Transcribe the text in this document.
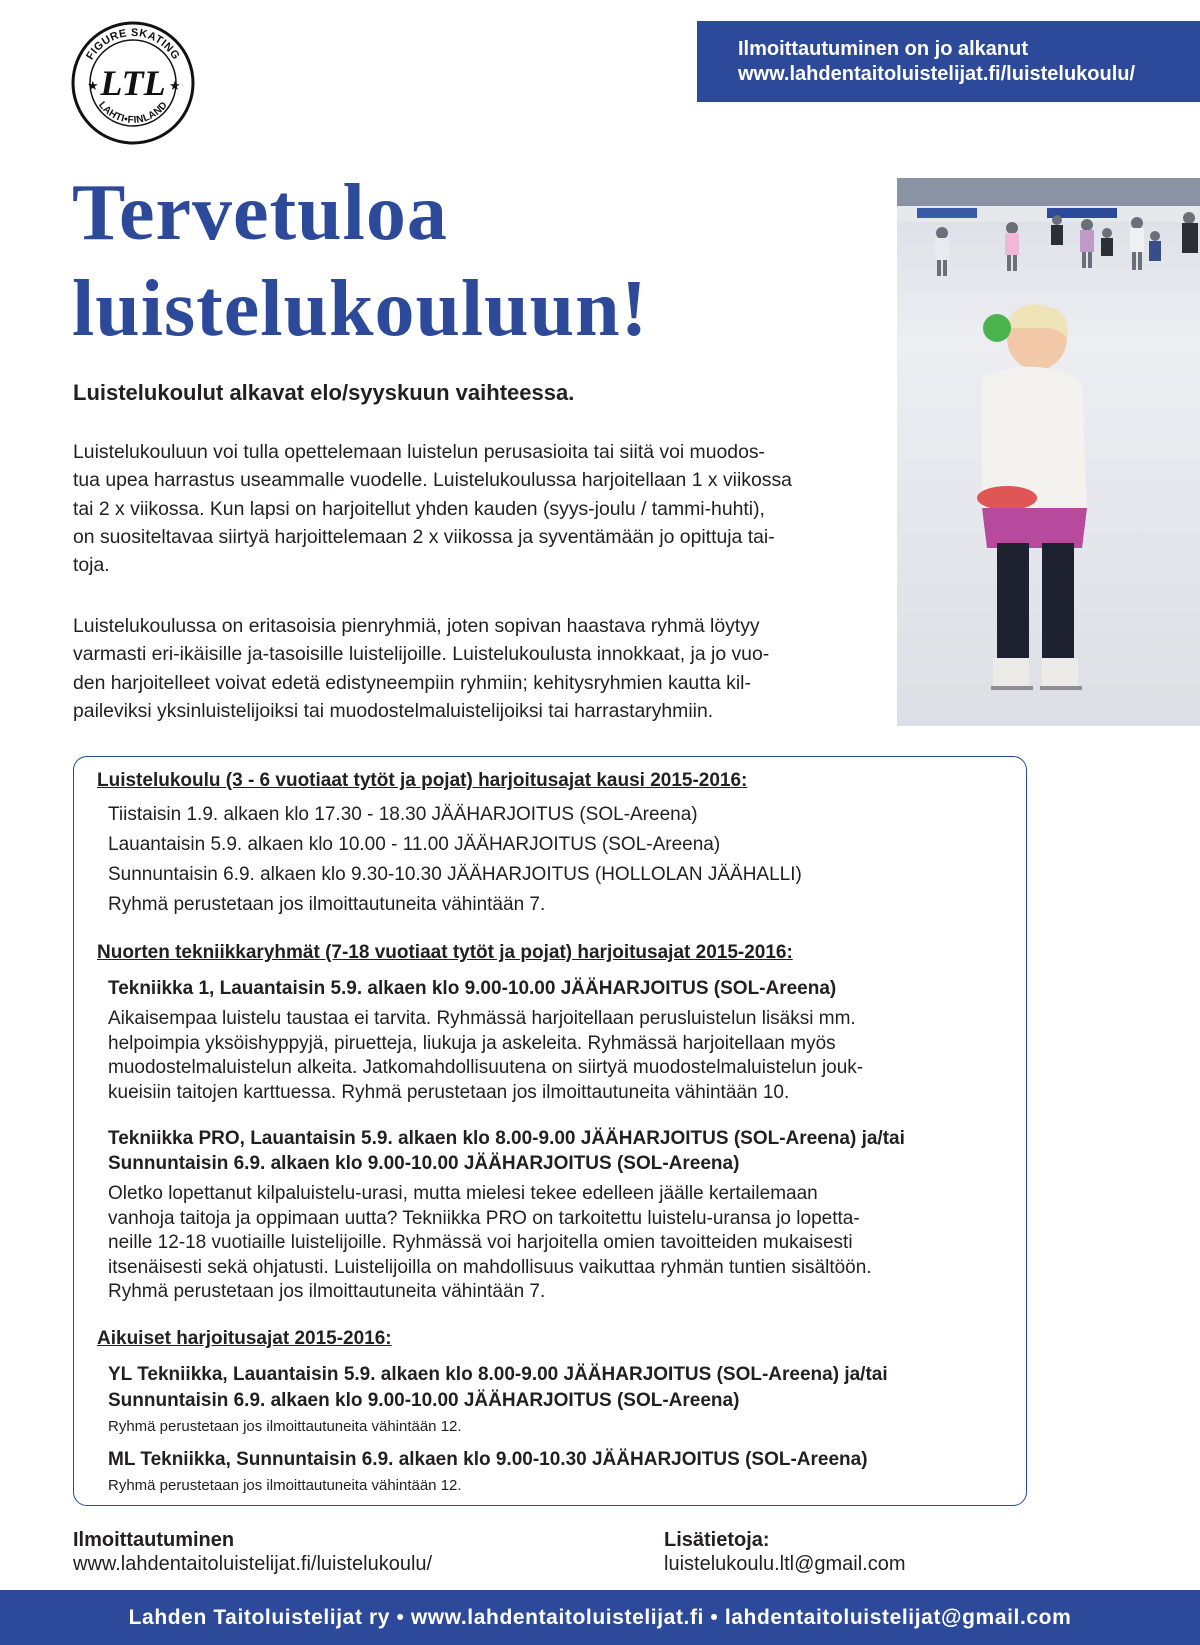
FIGURE SKATING
LAHTI•FINLAND
LTL
★	★
Ilmoittautuminen on jo alkanut
www.lahdentaitoluistelijat.fi/luistelukoulu/
Tervetuloa
luistelukouluun!
Luistelukoulut alkavat elo/syyskuun vaihteessa.
Luistelukouluun voi tulla opettelemaan luistelun perusasioita tai siitä voi muodos-
tua upea harrastus useammalle vuodelle. Luistelukoulussa harjoitellaan 1 x viikossa
tai 2 x viikossa. Kun lapsi on harjoitellut yhden kauden (syys-joulu / tammi-huhti),
on suositeltavaa siirtyä harjoittelemaan 2 x viikossa ja syventämään jo opittuja tai-
toja.
Luistelukoulussa on eritasoisia pienryhmiä, joten sopivan haastava ryhmä löytyy
varmasti eri-ikäisille ja-tasoisille luistelijoille. Luistelukoulusta innokkaat, ja jo vuo-
den harjoitelleet voivat edetä edistyneempiin ryhmiin; kehitysryhmien kautta kil-
paileviksi yksinluistelijoiksi tai muodostelmaluistelijoiksi tai harrastaryhmiin.
Luistelukoulu (3 - 6 vuotiaat tytöt ja pojat) harjoitusajat kausi 2015-2016:
Tiistaisin 1.9. alkaen klo 17.30 - 18.30 JÄÄHARJOITUS (SOL-Areena)
Lauantaisin 5.9. alkaen klo 10.00 - 11.00 JÄÄHARJOITUS (SOL-Areena)
Sunnuntaisin 6.9. alkaen klo 9.30-10.30 JÄÄHARJOITUS (HOLLOLAN JÄÄHALLI)
Ryhmä perustetaan jos ilmoittautuneita vähintään 7.
Nuorten tekniikkaryhmät (7-18 vuotiaat tytöt ja pojat) harjoitusajat 2015-2016:
Tekniikka 1, Lauantaisin 5.9. alkaen klo 9.00-10.00 JÄÄHARJOITUS (SOL-Areena)
Aikaisempaa luistelu taustaa ei tarvita. Ryhmässä harjoitellaan perusluistelun lisäksi mm.
helpoimpia yksöishyppyjä, piruetteja, liukuja ja askeleita. Ryhmässä harjoitellaan myös
muodostelmaluistelun alkeita. Jatkomahdollisuutena on siirtyä muodostelmaluistelun jouk-
kueisiin taitojen karttuessa. Ryhmä perustetaan jos ilmoittautuneita vähintään 10.
Tekniikka PRO, Lauantaisin 5.9. alkaen klo 8.00-9.00 JÄÄHARJOITUS (SOL-Areena) ja/tai
Sunnuntaisin 6.9. alkaen klo 9.00-10.00 JÄÄHARJOITUS (SOL-Areena)
Oletko lopettanut kilpaluistelu-urasi, mutta mielesi tekee edelleen jäälle kertailemaan
vanhoja taitoja ja oppimaan uutta? Tekniikka PRO on tarkoitettu luistelu-uransa jo lopetta-
neille 12-18 vuotiaille luistelijoille. Ryhmässä voi harjoitella omien tavoitteiden mukaisesti
itsenäisesti sekä ohjatusti. Luistelijoilla on mahdollisuus vaikuttaa ryhmän tuntien sisältöön.
Ryhmä perustetaan jos ilmoittautuneita vähintään 7.
Aikuiset harjoitusajat 2015-2016:
YL Tekniikka, Lauantaisin 5.9. alkaen klo 8.00-9.00 JÄÄHARJOITUS (SOL-Areena) ja/tai
Sunnuntaisin 6.9. alkaen klo 9.00-10.00 JÄÄHARJOITUS (SOL-Areena)
Ryhmä perustetaan jos ilmoittautuneita vähintään 12.
ML Tekniikka, Sunnuntaisin 6.9. alkaen klo 9.00-10.30 JÄÄHARJOITUS (SOL-Areena)
Ryhmä perustetaan jos ilmoittautuneita vähintään 12.
Ilmoittautuminen
www.lahdentaitoluistelijat.fi/luistelukoulu/
Lisätietoja:
luistelukoulu.ltl@gmail.com
Lahden Taitoluistelijat ry • www.lahdentaitoluistelijat.fi • lahdentaitoluistelijat@gmail.com
